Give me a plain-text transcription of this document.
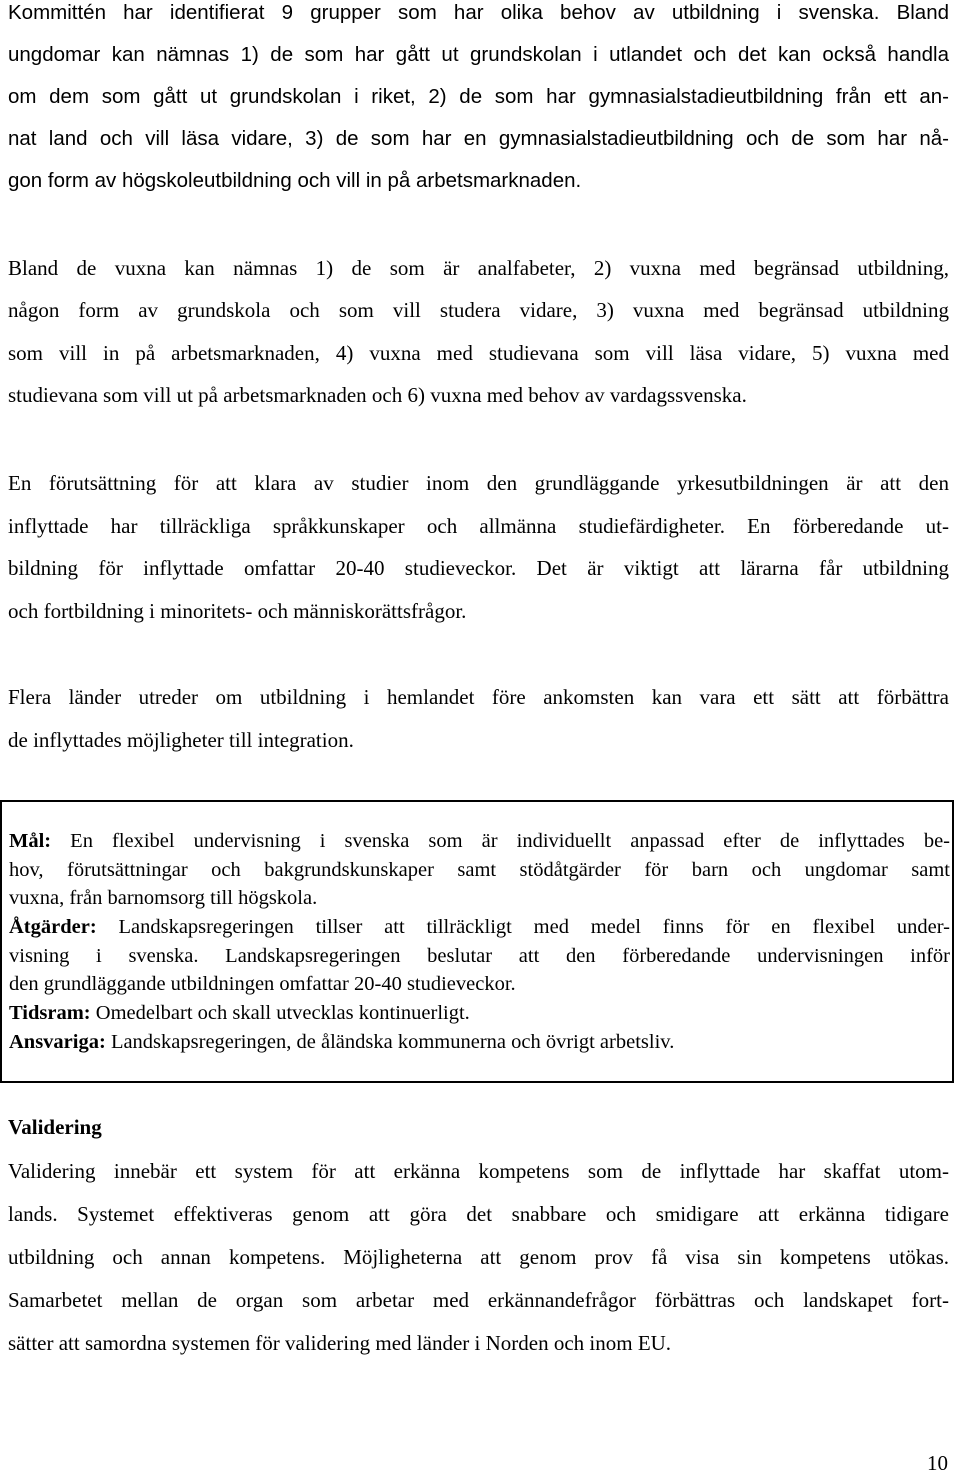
Kommittén har identifierat 9 grupper som har olika behov av utbildning i svenska. Bland
ungdomar kan nämnas 1) de som har gått ut grundskolan i utlandet och det kan också handla
om dem som gått ut grundskolan i riket, 2) de som har gymnasialstadieutbildning från ett an-
nat land och vill läsa vidare, 3) de som har en gymnasialstadieutbildning och de som har nå-
gon form av högskoleutbildning och vill in på arbetsmarknaden.
Bland de vuxna kan nämnas 1) de som är analfabeter, 2) vuxna med begränsad utbildning,
någon form av grundskola och som vill studera vidare, 3) vuxna med begränsad utbildning
som vill in på arbetsmarknaden, 4) vuxna med studievana som vill läsa vidare, 5) vuxna med
studievana som vill ut på arbetsmarknaden och 6) vuxna med behov av vardagssvenska.
En förutsättning för att klara av studier inom den grundläggande yrkesutbildningen är att den
inflyttade har tillräckliga språkkunskaper och allmänna studiefärdigheter. En förberedande ut-
bildning för inflyttade omfattar 20-40 studieveckor. Det är viktigt att lärarna får utbildning
och fortbildning i minoritets- och människorättsfrågor.
Flera länder utreder om utbildning i hemlandet före ankomsten kan vara ett sätt att förbättra
de inflyttades möjligheter till integration.
Mål: En flexibel undervisning i svenska som är individuellt anpassad efter de inflyttades be-
hov, förutsättningar och bakgrundskunskaper samt stödåtgärder för barn och ungdomar samt
vuxna, från barnomsorg till högskola.
Åtgärder: Landskapsregeringen tillser att tillräckligt med medel finns för en flexibel under-
visning i svenska. Landskapsregeringen beslutar att den förberedande undervisningen inför
den grundläggande utbildningen omfattar 20-40 studieveckor.
Tidsram: Omedelbart och skall utvecklas kontinuerligt.
Ansvariga: Landskapsregeringen, de åländska kommunerna och övrigt arbetsliv.
Validering
Validering innebär ett system för att erkänna kompetens som de inflyttade har skaffat utom-
lands. Systemet effektiveras genom att göra det snabbare och smidigare att erkänna tidigare
utbildning och annan kompetens. Möjligheterna att genom prov få visa sin kompetens utökas.
Samarbetet mellan de organ som arbetar med erkännandefrågor förbättras och landskapet fort-
sätter att samordna systemen för validering med länder i Norden och inom EU.
10
